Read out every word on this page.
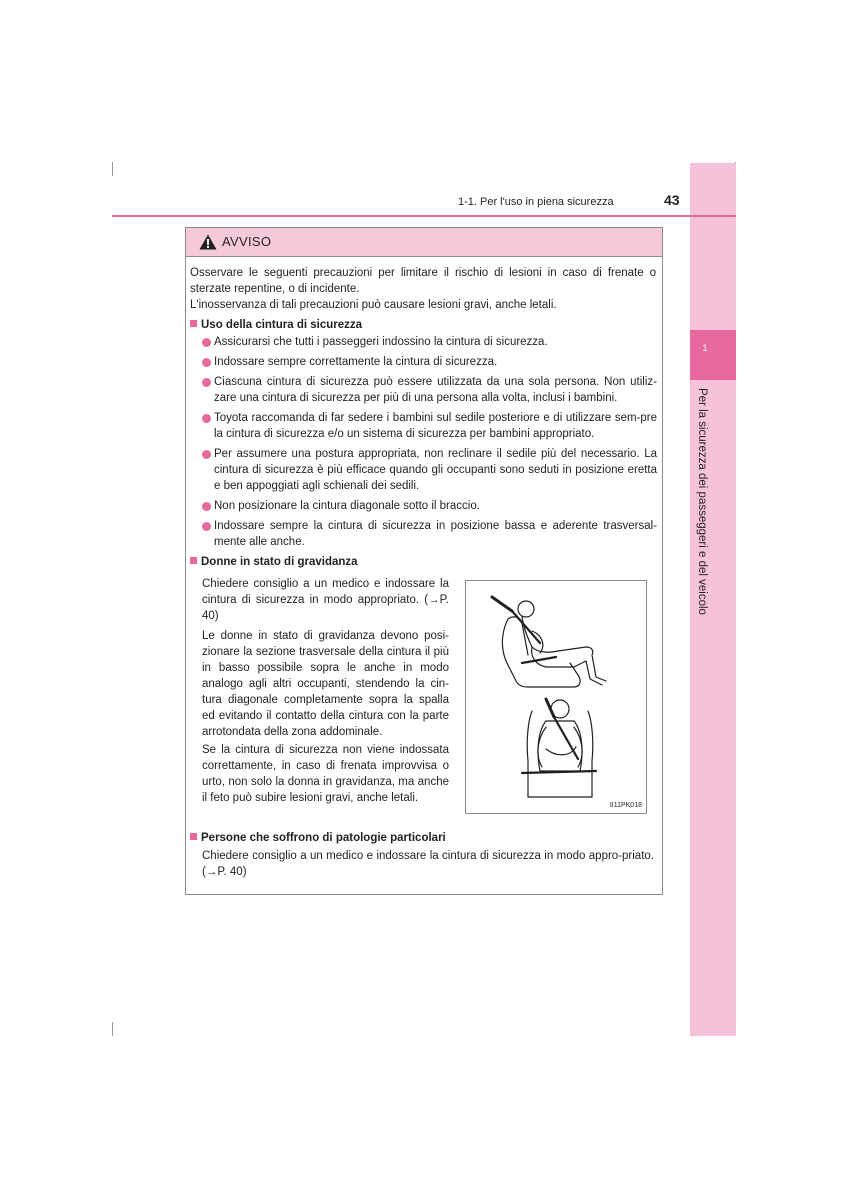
1
Per la sicurezza dei passeggeri e del veicolo
1-1. Per l'uso in piena sicurezza	43
AVVISO
Osservare le seguenti precauzioni per limitare il rischio di lesioni in caso di frenate o sterzate repentine, o di incidente.
L'inosservanza di tali precauzioni può causare lesioni gravi, anche letali.
Uso della cintura di sicurezza
Assicurarsi che tutti i passeggeri indossino la cintura di sicurezza.
Indossare sempre correttamente la cintura di sicurezza.
Ciascuna cintura di sicurezza può essere utilizzata da una sola persona. Non utiliz-zare una cintura di sicurezza per più di una persona alla volta, inclusi i bambini.
Toyota raccomanda di far sedere i bambini sul sedile posteriore e di utilizzare sem-pre la cintura di sicurezza e/o un sistema di sicurezza per bambini appropriato.
Per assumere una postura appropriata, non reclinare il sedile più del necessario. La cintura di sicurezza è più efficace quando gli occupanti sono seduti in posizione eretta e ben appoggiati agli schienali dei sedili.
Non posizionare la cintura diagonale sotto il braccio.
Indossare sempre la cintura di sicurezza in posizione bassa e aderente trasversal-mente alle anche.
Donne in stato di gravidanza
Chiedere consiglio a un medico e indossare la cintura di sicurezza in modo appropriato. (→P. 40)
Le donne in stato di gravidanza devono posi-zionare la sezione trasversale della cintura il più in basso possibile sopra le anche in modo analogo agli altri occupanti, stendendo la cin-tura diagonale completamente sopra la spalla ed evitando il contatto della cintura con la parte arrotondata della zona addominale.
Se la cintura di sicurezza non viene indossata correttamente, in caso di frenata improvvisa o urto, non solo la donna in gravidanza, ma anche il feto può subire lesioni gravi, anche letali.
II11PK018
Persone che soffrono di patologie particolari
Chiedere consiglio a un medico e indossare la cintura di sicurezza in modo appro-priato. (→P. 40)
